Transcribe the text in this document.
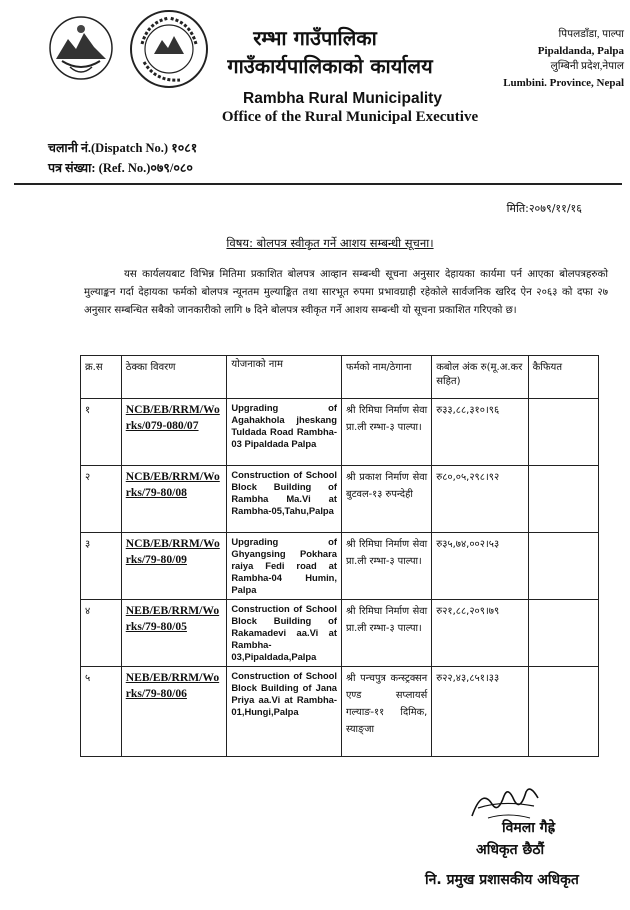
रम्भा गाउँपालिका
गाउँकार्यपालिकाको कार्यालय
Rambha Rural Municipality
Office of the Rural Municipal Executive
पिपलडाँडा, पाल्पा
Pipaldanda, Palpa
लुम्बिनी प्रदेश,नेपाल
Lumbini. Province, Nepal
चलानी नं.(Dispatch No.) १०८१
पत्र संख्या: (Ref. No.)०७९/०८०
मिति:२०७९/११/१६
विषय: बोलपत्र स्वीकृत गर्ने आशय सम्बन्धी सूचना।
यस कार्यलयबाट विभिन्न मितिमा प्रकाशित बोलपत्र आव्हान सम्बन्धी सूचना अनुसार देहायका कार्यमा पर्न आएका बोलपत्रहरुको मुल्याङ्कन गर्दा देहायका फर्मको बोलपत्र न्यूनतम मुल्याङ्कित तथा सारभूत रुपमा प्रभावग्राही रहेकोले सार्वजनिक खरिद ऐन २०६३ को दफा २७ अनुसार सम्बन्धित सबैको जानकारीको लागि ७ दिने बोलपत्र स्वीकृत गर्ने आशय सम्बन्धी यो सूचना प्रकाशित गरिएको छ।
क्र.स	ठेक्का विवरण	योजनाको नाम	फर्मको नाम/ठेगाना	कबोल अंक रु(मू.अ.कर सहित)	कैफियत
१	NCB/EB/RRM/Works/079-080/07	Upgrading of Agahakhola jheskang Tuldada Road Rambha-03 Pipaldada Palpa	श्री रिमिघा निर्माण सेवा प्रा.ली रम्भा-३ पाल्पा।	रु३३,८८,३१०।९६	
२	NCB/EB/RRM/Works/79-80/08	Construction of School Block Building of Rambha Ma.Vi at Rambha-05,Tahu,Palpa	श्री प्रकाश निर्माण सेवा बुटवल-१३ रुपन्देही	रु८०,०५,२९८।९२	
३	NCB/EB/RRM/Works/79-80/09	Upgrading of Ghyangsing Pokhara raiya Fedi road at Rambha-04 Humin, Palpa	श्री रिमिघा निर्माण सेवा प्रा.ली रम्भा-३ पाल्पा।	रु३५,७४,००२।५३	
४	NEB/EB/RRM/Works/79-80/05	Construction of School Block Building of Rakamadevi aa.Vi at Rambha-03,Pipaldada,Palpa	श्री रिमिघा निर्माण सेवा प्रा.ली रम्भा-३ पाल्पा।	रु२१,८८,२०९।७९	
५	NEB/EB/RRM/Works/79-80/06	Construction of School Block Building of Jana Priya aa.Vi at Rambha-01,Hungi,Palpa	श्री पन्चपुत्र कन्स्ट्रक्सन एण्ड सप्लायर्स गल्याङ-११ दिमिक, स्याङ्जा	रु२२,४३,८५१।३३	
विमला गैह्रे
अधिकृत छैठौं
नि. प्रमुख प्रशासकीय अधिकृत
